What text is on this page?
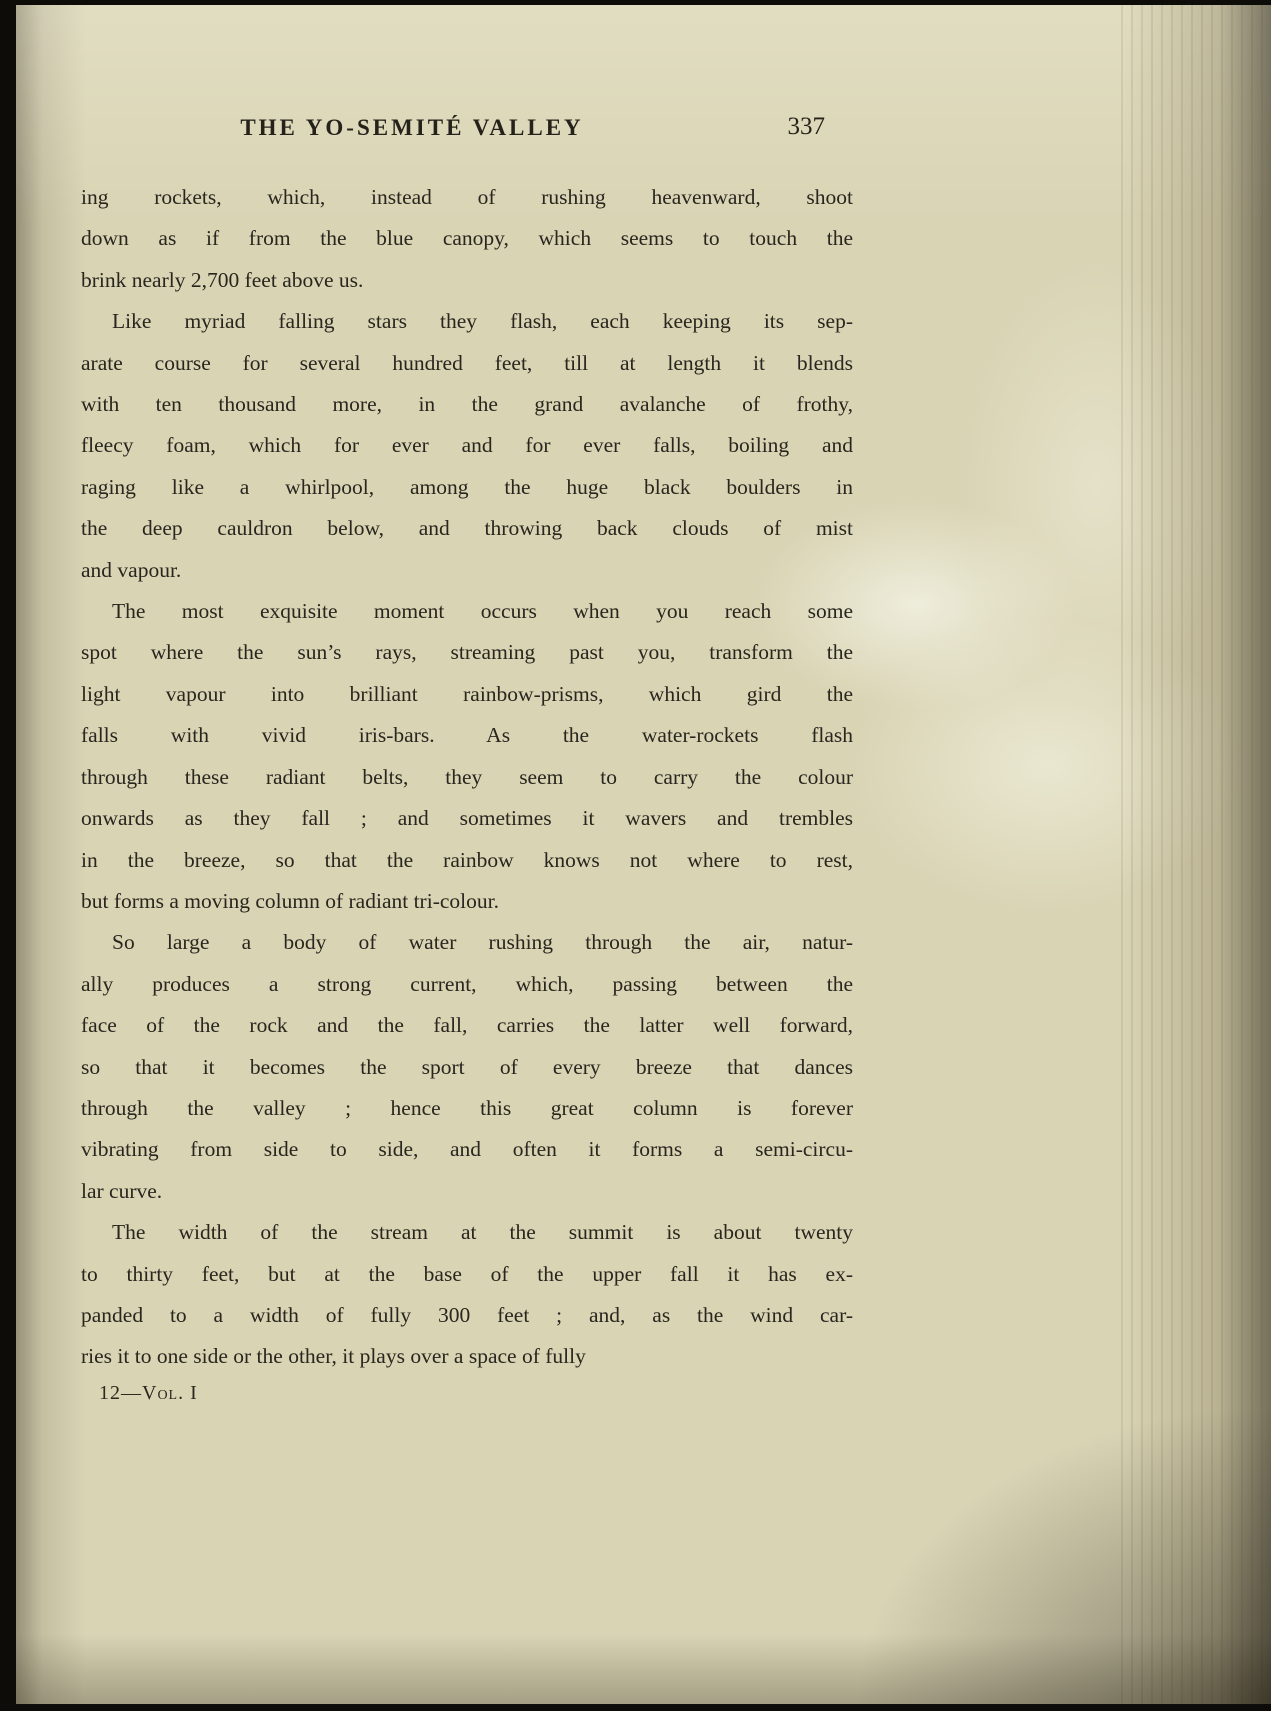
THE YO-SEMITÉ VALLEY	337
ing rockets, which, instead of rushing heavenward, shoot
down as if from the blue canopy, which seems to touch the
brink nearly 2,700 feet above us.
Like myriad falling stars they flash, each keeping its sep-
arate course for several hundred feet, till at length it blends
with ten thousand more, in the grand avalanche of frothy,
fleecy foam, which for ever and for ever falls, boiling and
raging like a whirlpool, among the huge black boulders in
the deep cauldron below, and throwing back clouds of mist
and vapour.
The most exquisite moment occurs when you reach some
spot where the sun’s rays, streaming past you, transform the
light vapour into brilliant rainbow-prisms, which gird the
falls with vivid iris-bars. As the water-rockets flash
through these radiant belts, they seem to carry the colour
onwards as they fall ; and sometimes it wavers and trembles
in the breeze, so that the rainbow knows not where to rest,
but forms a moving column of radiant tri-colour.
So large a body of water rushing through the air, natur-
ally produces a strong current, which, passing between the
face of the rock and the fall, carries the latter well forward,
so that it becomes the sport of every breeze that dances
through the valley ; hence this great column is forever
vibrating from side to side, and often it forms a semi-circu-
lar curve.
The width of the stream at the summit is about twenty
to thirty feet, but at the base of the upper fall it has ex-
panded to a width of fully 300 feet ; and, as the wind car-
ries it to one side or the other, it plays over a space of fully
12—Vol. I
